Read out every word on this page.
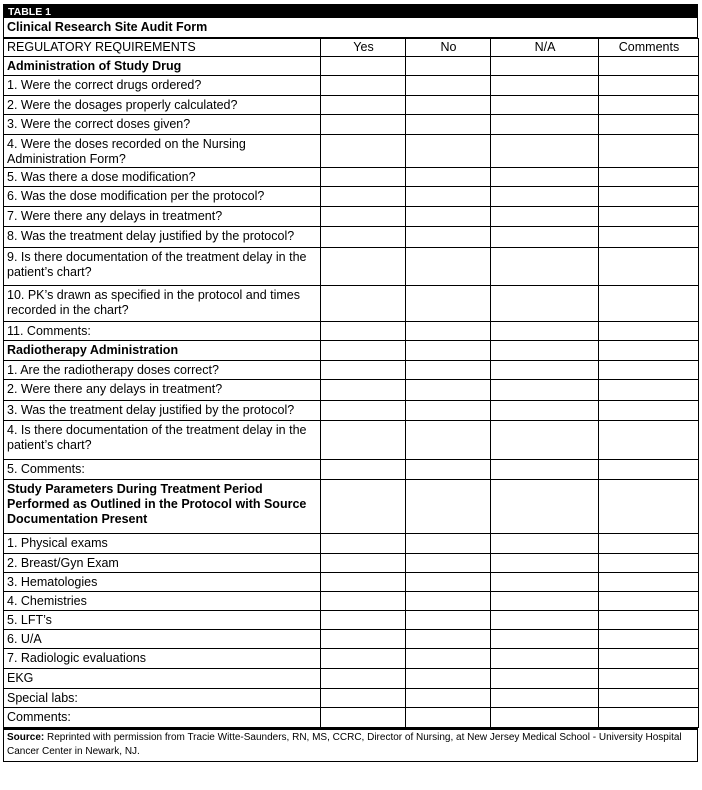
TABLE 1
Clinical Research Site Audit Form
REGULATORY REQUIREMENTS	Yes	No	N/A	Comments
Administration of Study Drug				
1. Were the correct drugs ordered?				
2. Were the dosages properly calculated?				
3. Were the correct doses given?				
4. Were the doses recorded on the Nursing Administration Form?				
5. Was there a dose modification?				
6. Was the dose modification per the protocol?				
7. Were there any delays in treatment?				
8. Was the treatment delay justified by the protocol?				
9. Is there documentation of the treatment delay in the patient’s chart?				
10. PK’s drawn as specified in the protocol and times recorded in the chart?				
11. Comments:				
Radiotherapy Administration				
1. Are the radiotherapy doses correct?				
2. Were there any delays in treatment?				
3. Was the treatment delay justified by the protocol?				
4. Is there documentation of the treatment delay in the patient’s chart?				
5. Comments:				
Study Parameters During Treatment Period Performed as Outlined in the Protocol with Source Documentation Present				
1. Physical exams				
2. Breast/Gyn Exam				
3. Hematologies				
4. Chemistries				
5. LFT’s				
6. U/A				
7. Radiologic evaluations				
EKG				
Special labs:				
Comments:				
Source: Reprinted with permission from Tracie Witte-Saunders, RN, MS, CCRC, Director of Nursing, at New Jersey Medical School - University Hospital Cancer Center in Newark, NJ.
